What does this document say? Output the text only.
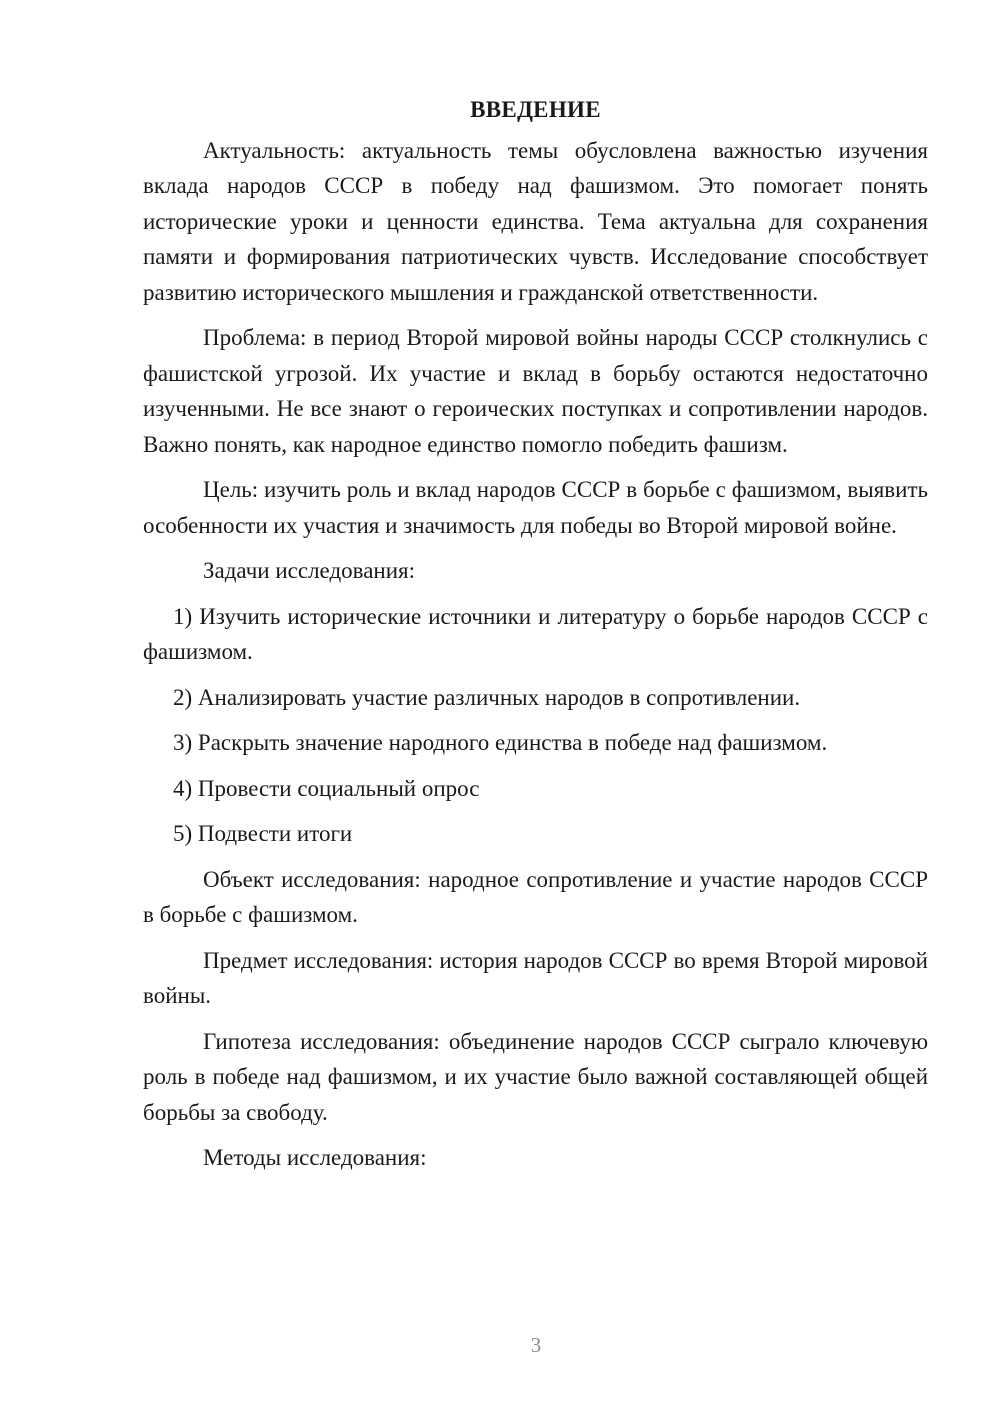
ВВЕДЕНИЕ

Актуальность: актуальность темы обусловлена важностью изучения вклада народов СССР в победу над фашизмом. Это помогает понять исторические уроки и ценности единства. Тема актуальна для сохранения памяти и формирования патриотических чувств. Исследование способствует развитию исторического мышления и гражданской ответственности.

Проблема: в период Второй мировой войны народы СССР столкнулись с фашистской угрозой. Их участие и вклад в борьбу остаются недостаточно изученными. Не все знают о героических поступках и сопротивлении народов. Важно понять, как народное единство помогло победить фашизм.

Цель: изучить роль и вклад народов СССР в борьбе с фашизмом, выявить особенности их участия и значимость для победы во Второй мировой войне.

Задачи исследования:

1) Изучить исторические источники и литературу о борьбе народов СССР с фашизмом.

2) Анализировать участие различных народов в сопротивлении.

3) Раскрыть значение народного единства в победе над фашизмом.

4) Провести социальный опрос

5) Подвести итоги

Объект исследования: народное сопротивление и участие народов СССР в борьбе с фашизмом.

Предмет исследования: история народов СССР во время Второй мировой войны.

Гипотеза исследования: объединение народов СССР сыграло ключевую роль в победе над фашизмом, и их участие было важной составляющей общей борьбы за свободу.

Методы исследования:

3
